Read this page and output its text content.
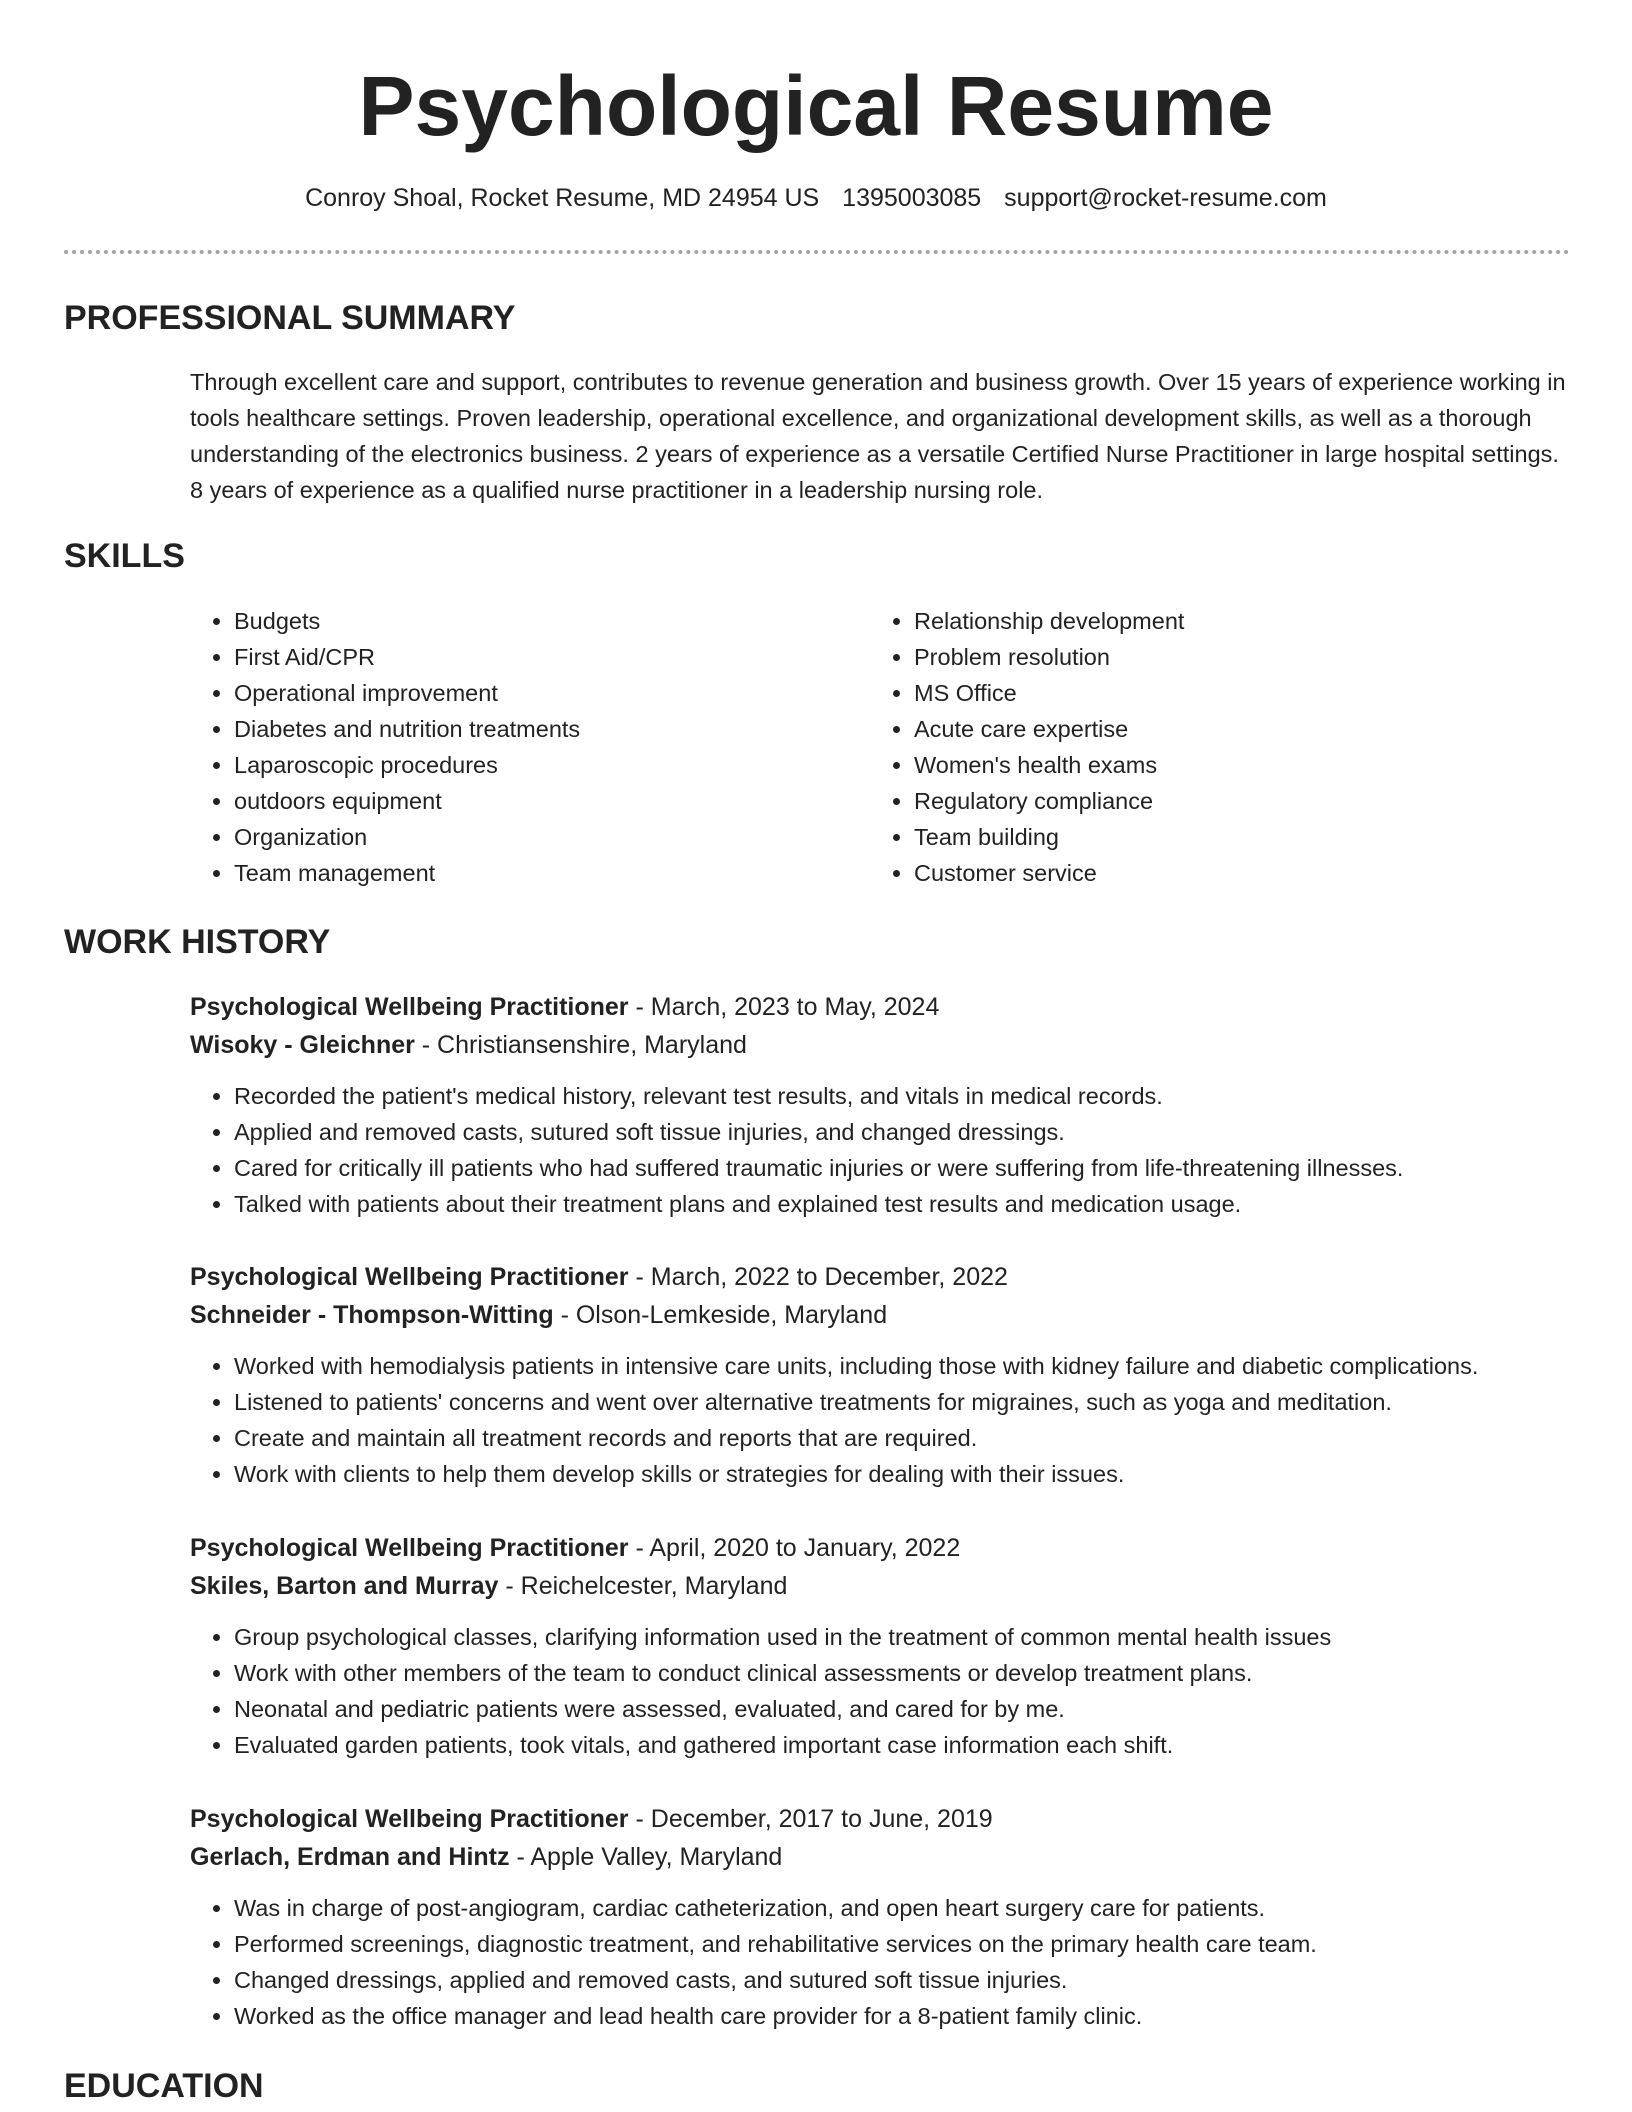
Psychological Resume
Conroy Shoal, Rocket Resume, MD 24954 US 1395003085 support@rocket-resume.com
PROFESSIONAL SUMMARY

Through excellent care and support, contributes to revenue generation and business growth. Over 15 years of experience working in tools healthcare settings. Proven leadership, operational excellence, and organizational development skills, as well as a thorough understanding of the electronics business. 2 years of experience as a versatile Certified Nurse Practitioner in large hospital settings. 8 years of experience as a qualified nurse practitioner in a leadership nursing role.

SKILLS
• Budgets
• First Aid/CPR
• Operational improvement
• Diabetes and nutrition treatments
• Laparoscopic procedures
• outdoors equipment
• Organization
• Team management
• Relationship development
• Problem resolution
• MS Office
• Acute care expertise
• Women's health exams
• Regulatory compliance
• Team building
• Customer service
WORK HISTORY
Psychological Wellbeing Practitioner - March, 2023 to May, 2024
Wisoky - Gleichner - Christiansenshire, Maryland
• Recorded the patient's medical history, relevant test results, and vitals in medical records.
• Applied and removed casts, sutured soft tissue injuries, and changed dressings.
• Cared for critically ill patients who had suffered traumatic injuries or were suffering from life-threatening illnesses.
• Talked with patients about their treatment plans and explained test results and medication usage.
Psychological Wellbeing Practitioner - March, 2022 to December, 2022
Schneider - Thompson-Witting - Olson-Lemkeside, Maryland
• Worked with hemodialysis patients in intensive care units, including those with kidney failure and diabetic complications.
• Listened to patients' concerns and went over alternative treatments for migraines, such as yoga and meditation.
• Create and maintain all treatment records and reports that are required.
• Work with clients to help them develop skills or strategies for dealing with their issues.
Psychological Wellbeing Practitioner - April, 2020 to January, 2022
Skiles, Barton and Murray - Reichelcester, Maryland
• Group psychological classes, clarifying information used in the treatment of common mental health issues
• Work with other members of the team to conduct clinical assessments or develop treatment plans.
• Neonatal and pediatric patients were assessed, evaluated, and cared for by me.
• Evaluated garden patients, took vitals, and gathered important case information each shift.
Psychological Wellbeing Practitioner - December, 2017 to June, 2019
Gerlach, Erdman and Hintz - Apple Valley, Maryland
• Was in charge of post-angiogram, cardiac catheterization, and open heart surgery care for patients.
• Performed screenings, diagnostic treatment, and rehabilitative services on the primary health care team.
• Changed dressings, applied and removed casts, and sutured soft tissue injuries.
• Worked as the office manager and lead health care provider for a 8-patient family clinic.
EDUCATION
